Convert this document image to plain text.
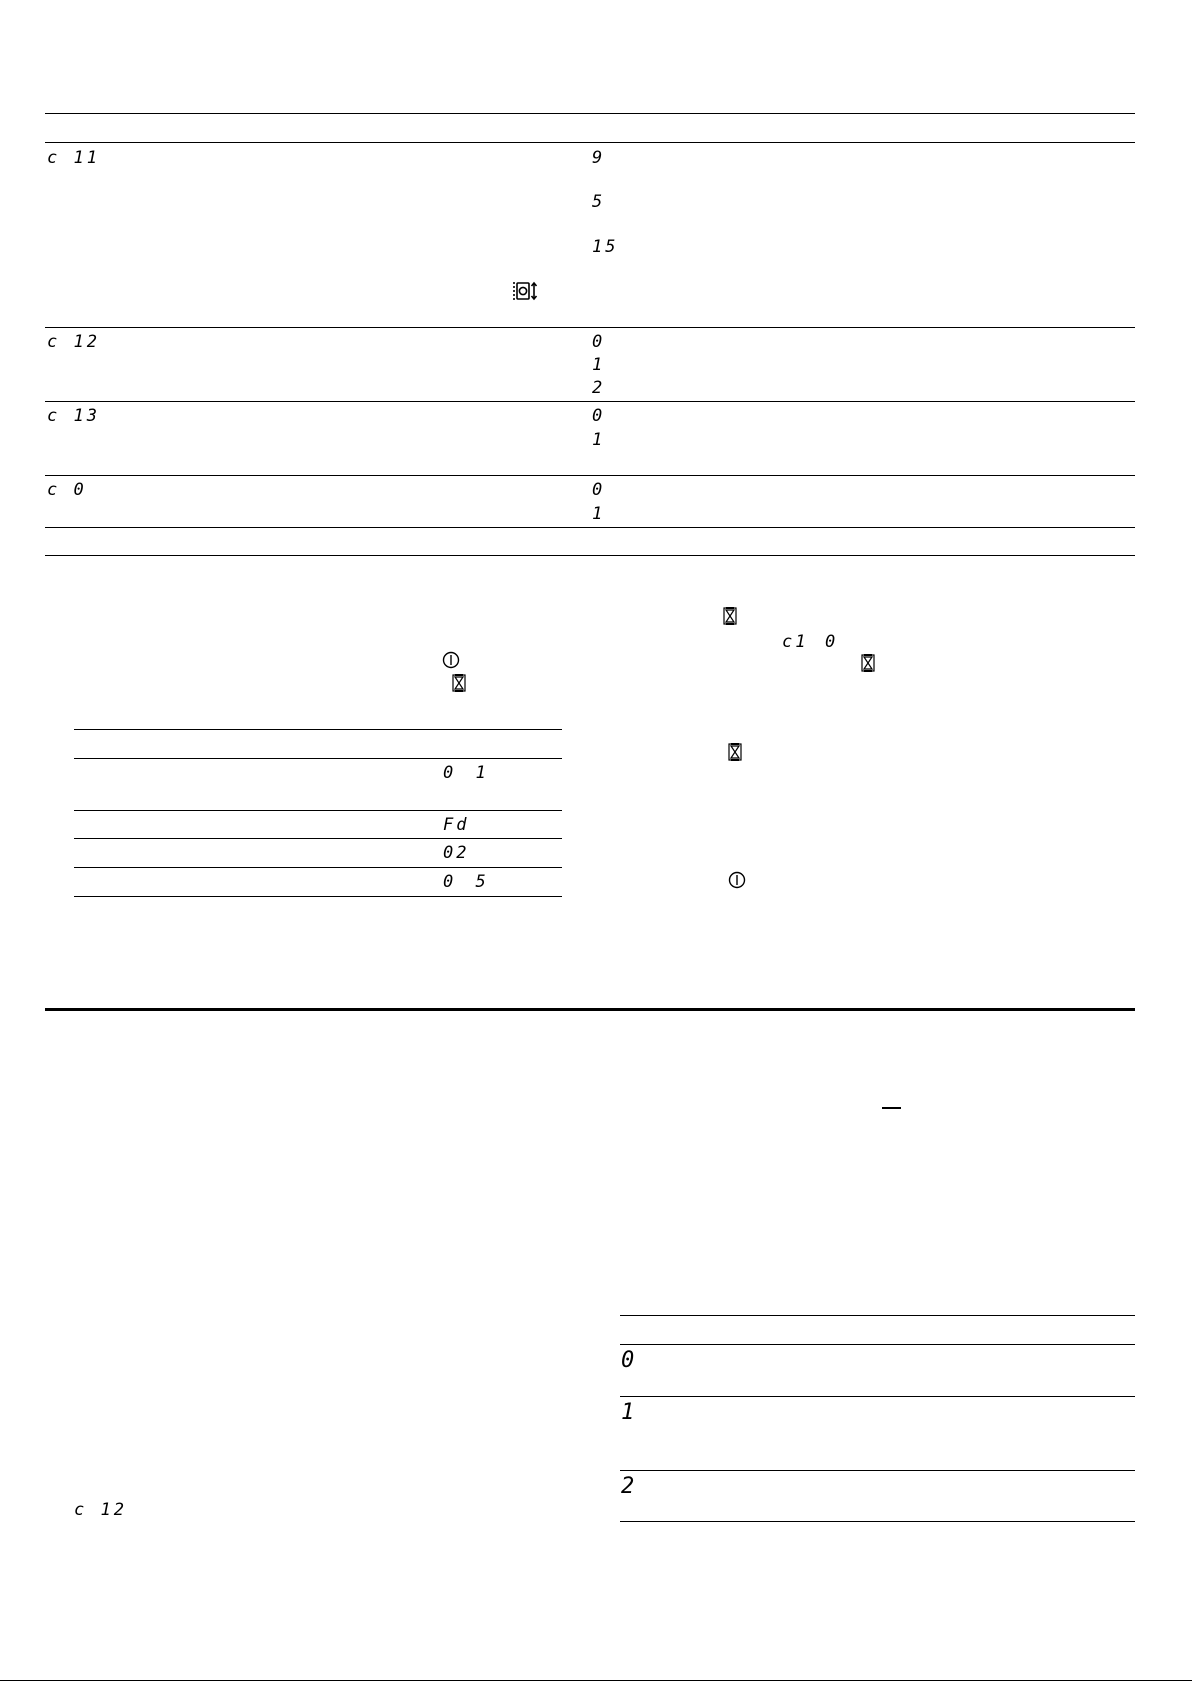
c 11	9
5
15
c 12	0
1
2
c 13	0
1
c 0	0
1
0 1
Fd
02
0 5
c1 0
c 12
0
1
2
